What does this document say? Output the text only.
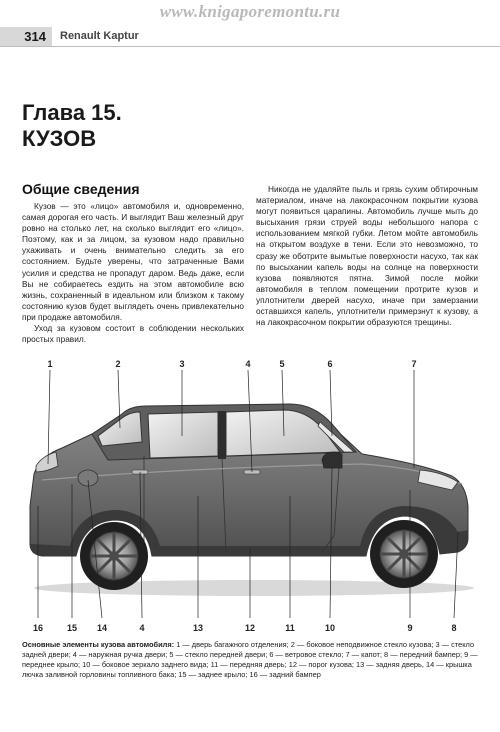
www.knigaporemontu.ru
314	Renault Kaptur
Глава 15.
КУЗОВ
Общие сведения

Кузов — это «лицо» автомобиля и, одновременно, самая дорогая его часть. И выглядит Ваш железный друг ровно на столько лет, на сколько выглядит его «лицо». Поэтому, как и за лицом, за кузовом надо правильно ухаживать и очень внимательно следить за его состоянием. Будьте уверены, что затраченные Вами усилия и средства не пропадут даром. Ведь даже, если Вы не собираетесь ездить на этом автомобиле всю жизнь, сохраненный в идеальном или близком к такому состоянию кузов будет выглядеть очень привлекательно при продаже автомобиля.

Уход за кузовом состоит в соблюдении нескольких простых правил.

Никогда не удаляйте пыль и грязь сухим обтирочным материалом, иначе на лакокрасочном покрытии кузова могут появиться царапины. Автомобиль лучше мыть до высыхания грязи струей воды небольшого напора с использованием мягкой губки. Летом мойте автомобиль на открытом воздухе в тени. Если это невозможно, то сразу же оботрите вымытые поверхности насухо, так как по высыхании капель воды на солнце на поверхности кузова появляются пятна. Зимой после мойки автомобиля в теплом помещении протрите кузов и уплотнители дверей насухо, иначе при замерзании оставшихся капель, уплотнители примерзнут к кузову, а на лакокрасочном покрытии образуются трещины.

1	2	3	4	5	6	7
16	15 14	4	13	12	11	10	9	8
Основные элементы кузова автомобиля: 1 — дверь багажного отделения; 2 — боковое неподвижное стекло кузова; 3 — стекло задней двери; 4 — наружная ручка двери; 5 — стекло передней двери; 6 — ветровое стекло; 7 — капот; 8 — передний бампер; 9 — переднее крыло; 10 — боковое зеркало заднего вида; 11 — передняя дверь; 12 — порог кузова; 13 — задняя дверь, 14 — крышка лючка заливной горловины топливного бака; 15 — заднее крыло; 16 — задний бампер
